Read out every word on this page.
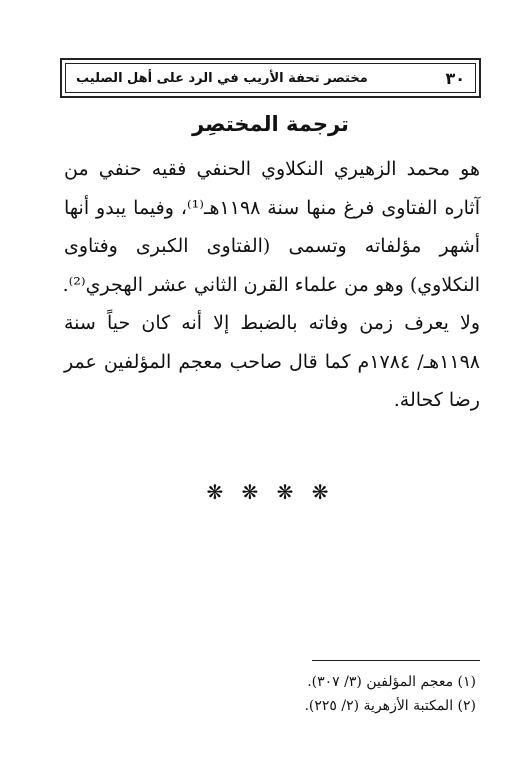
٣٠
مختصر تحفة الأريب في الرد على أهل الصليب
ترجمة المختصِر
هو محمد الزهيري النكلاوي الحنفي فقيه حنفي من
آثاره الفتاوى فرغ منها سنة ١١٩٨هـ⁽¹⁾، وفيما يبدو أنها
أشهر مؤلفاته وتسمى (الفتاوى الكبرى وفتاوى
النكلاوي) وهو من علماء القرن الثاني عشر الهجري⁽²⁾.
ولا يعرف زمن وفاته بالضبط إلا أنه كان حياً سنة
١١٩٨هـ/ ١٧٨٤م كما قال صاحب معجم المؤلفين عمر
رضا كحالة.
❋ ❋ ❋ ❋
(١) معجم المؤلفين (٣/ ٣٠٧).
(٢) المكتبة الأزهرية (٢/ ٢٢٥).
